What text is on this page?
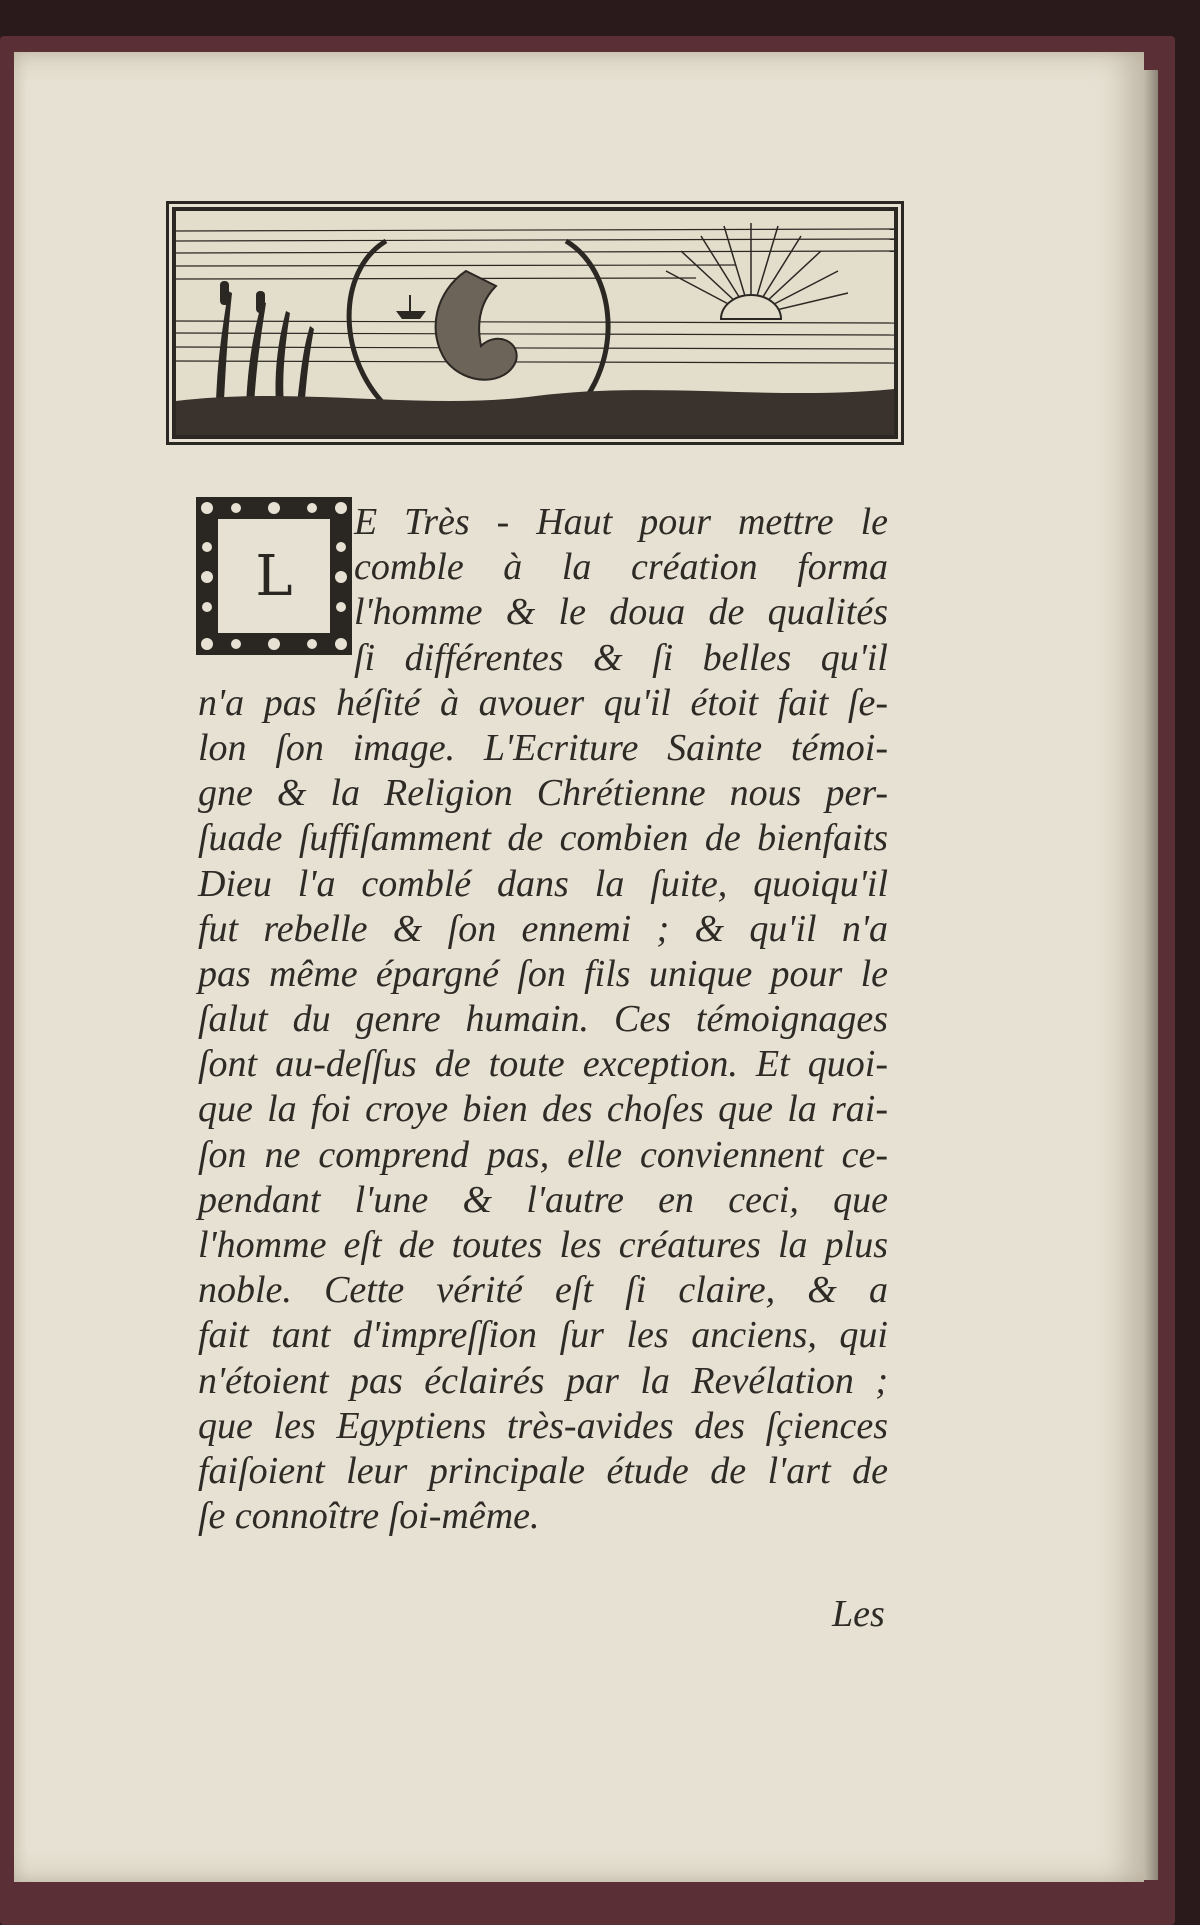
L
E Très - Haut pour mettre le
comble à la création forma
l'homme & le doua de qualités
ſi différentes & ſi belles qu'il
n'a pas héſité à avouer qu'il étoit fait ſe-
lon ſon image. L'Ecriture Sainte témoi-
gne & la Religion Chrétienne nous per-
ſuade ſuffiſamment de combien de bienfaits
Dieu l'a comblé dans la ſuite, quoiqu'il
fut rebelle & ſon ennemi ; & qu'il n'a
pas même épargné ſon fils unique pour le
ſalut du genre humain. Ces témoignages
ſont au-deſſus de toute exception. Et quoi-
que la foi croye bien des choſes que la rai-
ſon ne comprend pas, elle conviennent ce-
pendant l'une & l'autre en ceci, que
l'homme eſt de toutes les créatures la plus
noble. Cette vérité eſt ſi claire, & a
fait tant d'impreſſion ſur les anciens, qui
n'étoient pas éclairés par la Revélation ;
que les Egyptiens très-avides des ſçiences
faiſoient leur principale étude de l'art de
ſe connoître ſoi-même.
Les
